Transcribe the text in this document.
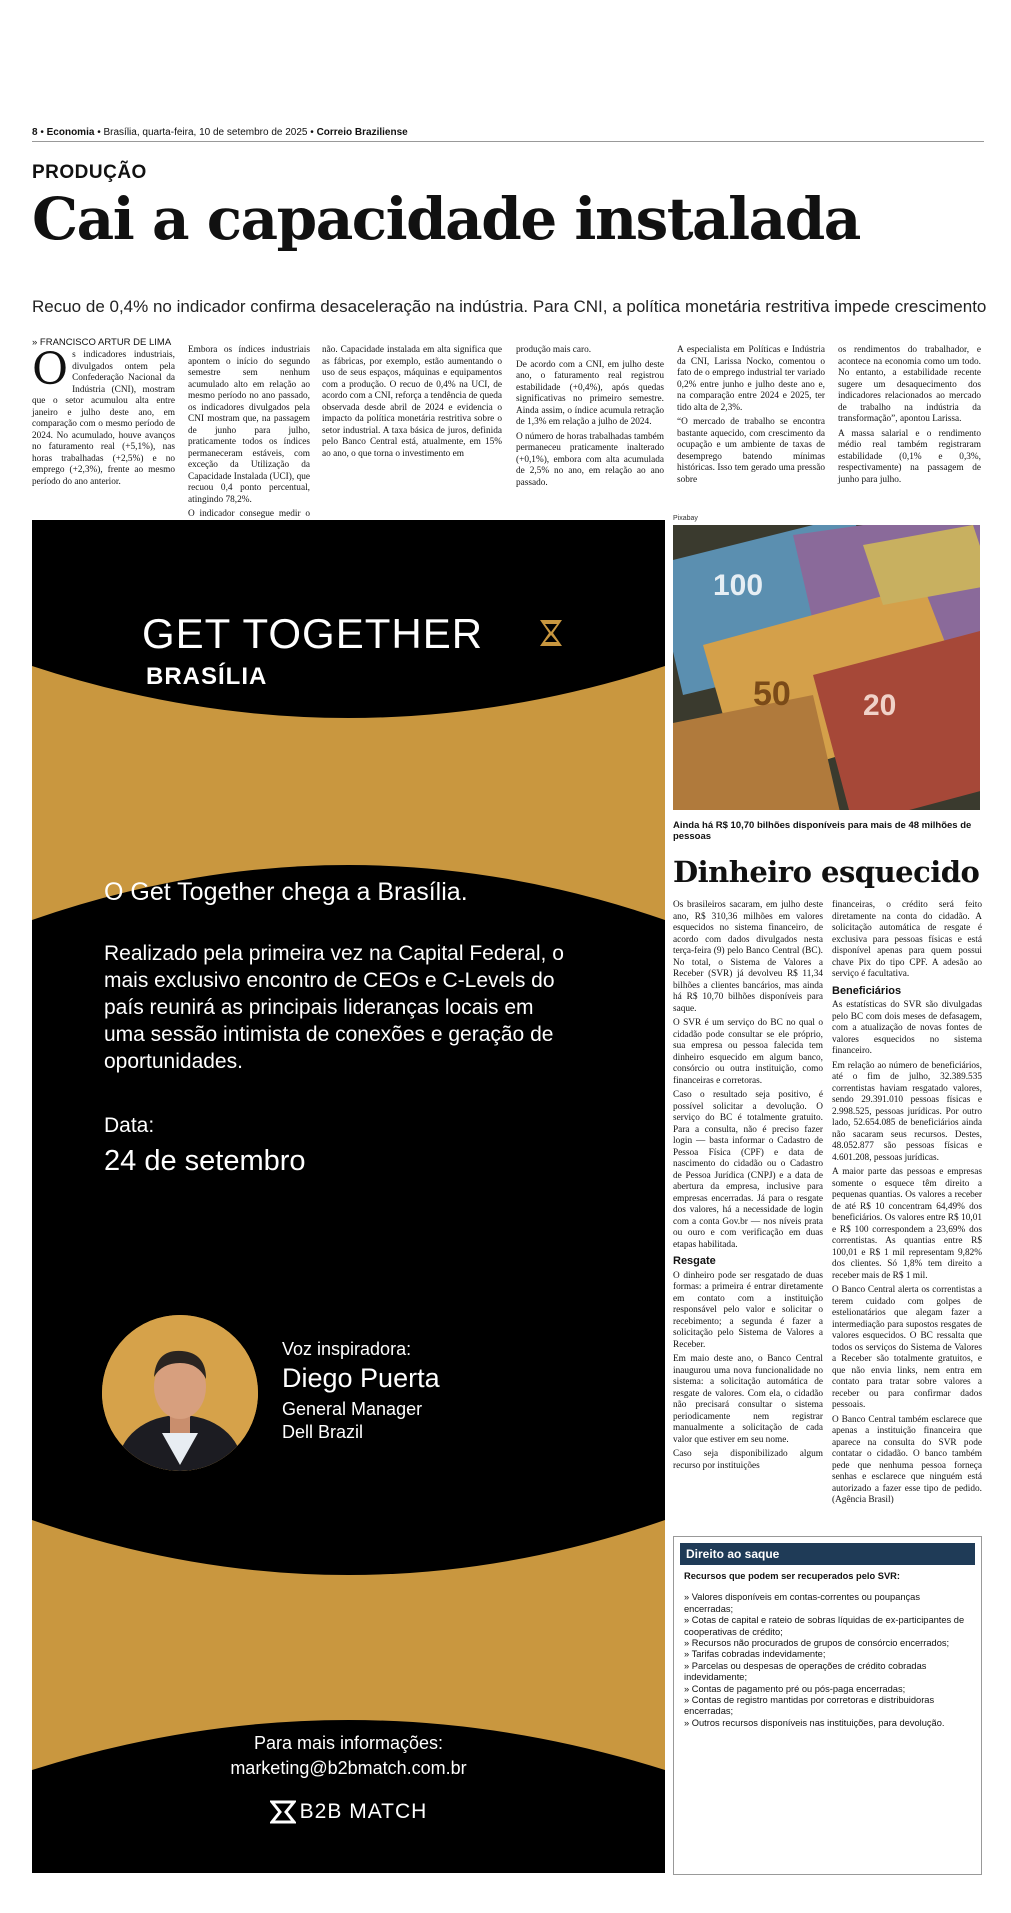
8 • Economia • Brasília, quarta-feira, 10 de setembro de 2025 • Correio Braziliense
PRODUÇÃO
Cai a capacidade instalada
Recuo de 0,4% no indicador confirma desaceleração na indústria. Para CNI, a política monetária restritiva impede crescimento
» FRANCISCO ARTUR DE LIMA
Os indicadores industriais, divulgados ontem pela Confederação Nacional da Indústria (CNI), mostram que o setor acumulou alta entre janeiro e julho deste ano, em comparação com o mesmo período de 2024. No acumulado, houve avanços no faturamento real (+5,1%), nas horas trabalhadas (+2,5%) e no emprego (+2,3%), frente ao mesmo período do ano anterior.

Embora os índices industriais apontem o início do segundo semestre sem nenhum acumulado alto em relação ao mesmo período no ano passado, os indicadores divulgados pela CNI mostram que, na passagem de junho para julho, praticamente todos os índices permaneceram estáveis, com exceção da Utilização da Capacidade Instalada (UCI), que recuou 0,4 ponto percentual, atingindo 78,2%.

O indicador consegue medir o

não. Capacidade instalada em alta significa que as fábricas, por exemplo, estão aumentando o uso de seus espaços, máquinas e equipamentos com a produção. O recuo de 0,4% na UCI, de acordo com a CNI, reforça a tendência de queda observada desde abril de 2024 e evidencia o impacto da política monetária restritiva sobre o setor industrial. A taxa básica de juros, definida pelo Banco Central está, atualmente, em 15% ao ano, o que torna o investimento em

produção mais caro.

De acordo com a CNI, em julho deste ano, o faturamento real registrou estabilidade (+0,4%), após quedas significativas no primeiro semestre. Ainda assim, o índice acumula retração de 1,3% em relação a julho de 2024.

O número de horas trabalhadas também permaneceu praticamente inalterado (+0,1%), embora com alta acumulada de 2,5% no ano, em relação ao ano passado.

A especialista em Políticas e Indústria da CNI, Larissa Nocko, comentou o fato de o emprego industrial ter variado 0,2% entre junho e julho deste ano e, na comparação entre 2024 e 2025, ter tido alta de 2,3%.

“O mercado de trabalho se encontra bastante aquecido, com crescimento da ocupação e um ambiente de taxas de desemprego batendo mínimas históricas. Isso tem gerado uma pressão sobre

os rendimentos do trabalhador, e acontece na economia como um todo. No entanto, a estabilidade recente sugere um desaquecimento dos indicadores relacionados ao mercado de trabalho na indústria da transformação”, apontou Larissa.

A massa salarial e o rendimento médio real também registraram estabilidade (0,1% e 0,3%, respectivamente) na passagem de junho para julho.

GET TOGETHER
BRASÍLIA
O Get Together chega a Brasília.
Realizado pela primeira vez na Capital Federal, o mais exclusivo encontro de CEOs e C-Levels do país reunirá as principais lideranças locais em uma sessão intimista de conexões e geração de oportunidades.
Data:
24 de setembro
Voz inspiradora:
Diego Puerta
General Manager
Dell Brazil
Para mais informações:
marketing@b2bmatch.com.br
B2B MATCH
Pixabay
100
50 20
Ainda há R$ 10,70 bilhões disponíveis para mais de 48 milhões de pessoas
Dinheiro esquecido

Os brasileiros sacaram, em julho deste ano, R$ 310,36 milhões em valores esquecidos no sistema financeiro, de acordo com dados divulgados nesta terça-feira (9) pelo Banco Central (BC). No total, o Sistema de Valores a Receber (SVR) já devolveu R$ 11,34 bilhões a clientes bancários, mas ainda há R$ 10,70 bilhões disponíveis para saque.

O SVR é um serviço do BC no qual o cidadão pode consultar se ele próprio, sua empresa ou pessoa falecida tem dinheiro esquecido em algum banco, consórcio ou outra instituição, como financeiras e corretoras.

Caso o resultado seja positivo, é possível solicitar a devolução. O serviço do BC é totalmente gratuito. Para a consulta, não é preciso fazer login — basta informar o Cadastro de Pessoa Física (CPF) e data de nascimento do cidadão ou o Cadastro de Pessoa Jurídica (CNPJ) e a data de abertura da empresa, inclusive para empresas encerradas. Já para o resgate dos valores, há a necessidade de login com a conta Gov.br — nos níveis prata ou ouro e com verificação em duas etapas habilitada.

Resgate

O dinheiro pode ser resgatado de duas formas: a primeira é entrar diretamente em contato com a instituição responsável pelo valor e solicitar o recebimento; a segunda é fazer a solicitação pelo Sistema de Valores a Receber.

Em maio deste ano, o Banco Central inaugurou uma nova funcionalidade no sistema: a solicitação automática de resgate de valores. Com ela, o cidadão não precisará consultar o sistema periodicamente nem registrar manualmente a solicitação de cada valor que estiver em seu nome.

Caso seja disponibilizado algum recurso por instituições

financeiras, o crédito será feito diretamente na conta do cidadão. A solicitação automática de resgate é exclusiva para pessoas físicas e está disponível apenas para quem possui chave Pix do tipo CPF. A adesão ao serviço é facultativa.

Beneficiários

As estatísticas do SVR são divulgadas pelo BC com dois meses de defasagem, com a atualização de novas fontes de valores esquecidos no sistema financeiro.

Em relação ao número de beneficiários, até o fim de julho, 32.389.535 correntistas haviam resgatado valores, sendo 29.391.010 pessoas físicas e 2.998.525, pessoas jurídicas. Por outro lado, 52.654.085 de beneficiários ainda não sacaram seus recursos. Destes, 48.052.877 são pessoas físicas e 4.601.208, pessoas jurídicas.

A maior parte das pessoas e empresas somente o esquece têm direito a pequenas quantias. Os valores a receber de até R$ 10 concentram 64,49% dos beneficiários. Os valores entre R$ 10,01 e R$ 100 correspondem a 23,69% dos correntistas. As quantias entre R$ 100,01 e R$ 1 mil representam 9,82% dos clientes. Só 1,8% tem direito a receber mais de R$ 1 mil.

O Banco Central alerta os correntistas a terem cuidado com golpes de estelionatários que alegam fazer a intermediação para supostos resgates de valores esquecidos. O BC ressalta que todos os serviços do Sistema de Valores a Receber são totalmente gratuitos, e que não envia links, nem entra em contato para tratar sobre valores a receber ou para confirmar dados pessoais.

O Banco Central também esclarece que apenas a instituição financeira que aparece na consulta do SVR pode contatar o cidadão. O banco também pede que nenhuma pessoa forneça senhas e esclarece que ninguém está autorizado a fazer esse tipo de pedido. (Agência Brasil)

Direito ao saque
Recursos que podem ser recuperados pelo SVR:
» Valores disponíveis em contas-correntes ou poupanças encerradas;
» Cotas de capital e rateio de sobras líquidas de ex-participantes de cooperativas de crédito;
» Recursos não procurados de grupos de consórcio encerrados;
» Tarifas cobradas indevidamente;
» Parcelas ou despesas de operações de crédito cobradas indevidamente;
» Contas de pagamento pré ou pós-paga encerradas;
» Contas de registro mantidas por corretoras e distribuidoras encerradas;
» Outros recursos disponíveis nas instituições, para devolução.
